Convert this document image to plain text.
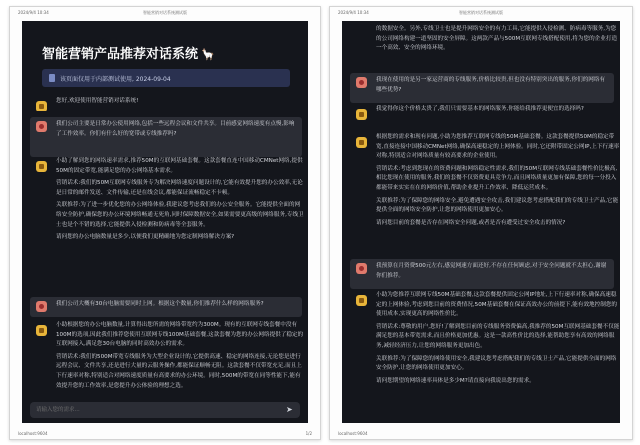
2024/9/4 10:34	智能营销对话系统测试版
智能营销产品推荐对话系统 🦙
该页面仅用于内部测试使用, 2024-09-04

您好,欢迎使用智能营销对话系统!

我们公司主要是日常办公使用网络,包括一些远程会议和文件共享。目前感觉网络速度有点慢,影响了工作效率。你们有什么好的宽带或专线推荐吗?

小助了解到您的网络速率需求,推荐50M的互联网基础套餐。这款套餐直连中国移动CMNet网络,提供50M的固定带宽,能满足您的办公网络基本需求。

营销话术:我们的50M互联网专线服务专为解决网络速度问题设计的,它能有效提升您的办公效率,无论是日常的邮件发送、文件传输,还是在线会议,都能保证流畅稳定不卡顿。

关联推荐:为了进一步优化您的办公网络体验,我建议您考虑我们的办公安全服务。它能提供全面的网络安全防护,确保您的办公环境网络畅通无死角,同时保障数据安全,如果需要更高级的网络服务,专线卫士也是个不错的选择,它能提供入侵检测和防病毒等全套服务。

请问您的办公电脑数量是多少,以便我们更精确地为您定制网络解决方案?

我们公司大概有30台电脑需要同时上网。根据这个数量,你们推荐什么样的网络服务?

小助根据您的办公电脑数量,计算得出您所需的网络带宽约为300M。现有的互联网专线套餐中没有100M的选项,因此我们推荐您使用互联网专线100M基础套餐,这款套餐为您的办公网络提供了稳定的互联网接入,满足您30台电脑的同时高效办公的需求。

营销话术:我们的500M带宽专线服务为大型企业设计的,它提供高速、稳定的网络连接,无论您是进行远程会议、文件共享,还是进行大量的云服务操作,都能保证顺畅无阻。这款套餐不仅带宽充足,而且上下行速率对称,特别适合对网络速度质量有高要求的办公环境。同时,500M的带宽在同等性能下,能有效提升您的工作效率,是您提升办公体验的理想之选。

请输入您的需求...
➤
localhost:9604	1/2
2024/9/4 10:34	智能营销对话系统测试版

的数据安全。另外,专线卫士也是提升网络安全的有力工具,它能提供入侵检测、防病毒等服务,为您的公司网络构建一道坚固的安全屏障。这两款产品与500M互联网专线搭配使用,将为您的企业打造一个高效、安全的网络环境。

我现在使用的是另一家运营商的专线服务,价格比较贵,但也没有特别突出的服务,你们的网络有哪些优势?

我觉得你这个价格太贵了,我们只需要基本的网络服务,你能给我推荐更便宜的选择吗?

根据您的需求和现有问题,小助为您推荐互联网专线的50M基础套餐。这款套餐提供50M的稳定带宽,直接连接中国移动CMNet网络,确保高速稳定的上网体验。同时,它还附带固定公网IP,上下行速率对称,特别适合对网络质量有较高要求的企业使用。

营销话术:考虑到您现在的资费问题和网络稳定性需求,我们的50M互联网专线基础套餐性价比极高,相比您现在使用的服务,我们的套餐不仅资费更具竞争力,而且网络质量更加有保障,您的每一分投入都能带来实实在在的网络价值,帮助企业提升工作效率、降低运营成本。

关联推荐:为了保障您的网络安全,避免遭遇安全攻击,我们建议您考虑搭配我们的专线卫士产品,它能提供全面的网络安全防护,让您的网络使用更加安心。

请问您目前的套餐是否存在网络安全问题,或者是否有遭受过安全攻击的情况?

我预算在月资费500元左右,感觉网速方面还好,不存在任何顾虑,对于安全问题就不太担心,谢谢你们推荐。

小助为您推荐互联网专线50M基础套餐,这款套餐提供固定公网IP地址,上下行速率对称,确保高速稳定的上网体验,考虑到您目前的资费情况,50M基础套餐在保证高效办公的前提下,能有效地控制您的使用成本,实现更高的网络性价比。

营销话术:尊敬的用户,您好!了解到您目前的专线服务资费偏高,我推荐的50M互联网基础套餐不仅能满足您的基本带宽需求,而且价格更加优惠。这是一款高性价比的选择,能帮助您享有高效的网络服务,减轻经济压力,让您的网络服务更加出色。

关联推荐:为了保障您的网络使用安全,我建议您考虑搭配我们的专线卫士产品,它能提供全面的网络安全防护,让您的网络使用更加安心。

请问您期望的网络速率具体是多少M?请直接向我说出您的需求。

localhost:9604
